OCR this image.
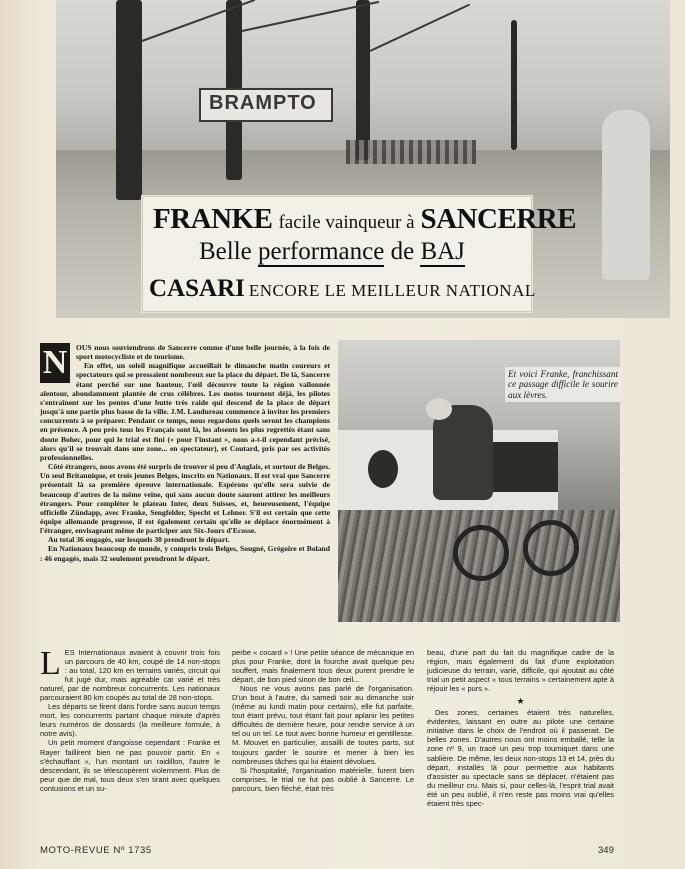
BRAMPTO
FRANKE facile vainqueur à SANCERRE
Belle performance de BAJ
CASARI ENCORE LE MEILLEUR NATIONAL

N	OUS nous souviendrons de Sancerre comme d'une belle journée, à la fois de sport motocycliste et de tourisme.

En effet, un soleil magnifique accueillait le dimanche matin coureurs et spectateurs qui se pressaient nombreux sur la place du départ. De là, Sancerre étant perché sur une hauteur, l'œil découvre toute la région vallonnée alentour, abondamment plantée de crus célèbres. Les motos tournent déjà, les pilotes s'entraînent sur les pentes d'une butte très raide qui descend de la place de départ jusqu'à une partie plus basse de la ville. J.M. Landureau commence à inviter les premiers concurrents à se préparer. Pendant ce temps, nous regardons quels seront les champions en présence. A peu près tous les Français sont là, les absents les plus regrettés étant sans doute Bohec, pour qui le trial est fini (« pour l'instant », nous a-t-il cependant précisé, alors qu'il se trouvait dans une zone... en spectateur), et Coutard, pris par ses activités professionnelles.

Côté étrangers, nous avons été surpris de trouver si peu d'Anglais, et surtout de Belges. Un seul Britannique, et trois jeunes Belges, inscrits en Nationaux. Il est vrai que Sancerre présentait là sa première épreuve internationale. Espérons qu'elle sera suivie de beaucoup d'autres de la même veine, qui sans aucun doute sauront attirer les meilleurs étrangers. Pour compléter le plateau Inter, deux Suisses, et, heureusement, l'équipe officielle Zündapp, avec Franke, Sengfelder, Specht et Lehner. S'il est certain que cette équipe allemande progresse, il est également certain qu'elle se déplace énormément à l'étranger, envisageant même de participer aux Six-Jours d'Ecosse.

Au total 36 engagés, sur lesquels 30 prendront le départ.

En Nationaux beaucoup de monde, y compris trois Belges, Sougné, Grégoire et Boland : 46 engagés, mais 32 seulement prendront le départ.

Et voici Franke, franchissant ce passage difficile le sourire aux lèvres.

LES Internationaux avaient à couvrir trois fois un parcours de 40 km, coupé de 14 non-stops : au total, 120 km en terrains variés, circuit qui fut jugé dur, mais agréable car varié et très naturel, par de nombreux concurrents. Les nationaux parcouraient 80 km coupés au total de 28 non-stops.

Les départs se firent dans l'ordre sans aucun temps mort, les concurrents partant chaque minute d'après leurs numéros de dossards (la meilleure formule, à notre avis).

Un petit moment d'angoisse cependant : Franke et Rayer faillirent bien ne pas pouvoir partir. En « s'échauffant », l'un montant un raidillon, l'autre le descendant, ils se télescopèrent violemment. Plus de peur que de mal, tous deux s'en tirant avec quelques contusions et un su-

perbe « cocard » ! Une petite séance de mécanique en plus pour Franke, dont la fourche avait quelque peu souffert, mais finalement tous deux purent prendre le départ, de bon pied sinon de bon œil...

Nous ne vous avons pas parlé de l'organisation. D'un bout à l'autre, du samedi soir au dimanche soir (même au lundi matin pour certains), elle fut parfaite, tout étant prévu, tout étant fait pour aplanir les petites difficultés de dernière heure, pour rendre service à un tel ou un tel. Le tout avec bonne humeur et gentillesse. M. Mouvet en particulier, assailli de toutes parts, sut toujours garder le sourire et mener à bien les nombreuses tâches qui lui étaient dévolues.

Si l'hospitalité, l'organisation matérielle, furent bien comprises, le trial ne fut pas oublié à Sancerre. Le parcours, bien fléché, était très

beau, d'une part du fait du magnifique cadre de la région, mais également du fait d'une exploitation judicieuse du terrain, varié, difficile, qui ajoutait au côté trial un petit aspect « tous terrains » certainement apte à réjouir les « purs ».

★

Des zones, certaines étaient très naturelles, évidentes, laissant en outre au pilote une certaine initiative dans le choix de l'endroit où il passerait. De belles zones. D'autres nous ont moins emballé, telle la zone nº 9, un tracé un peu trop tourniquet dans une sablière. De même, les deux non-stops 13 et 14, près du départ, installés là pour permettre aux habitants d'assister au spectacle sans se déplacer, n'étaient pas du meilleur cru. Mais si, pour celles-là, l'esprit trial avait été un peu oublié, il n'en reste pas moins vrai qu'elles étaient très spec-

MOTO-REVUE Nº 1735	349
